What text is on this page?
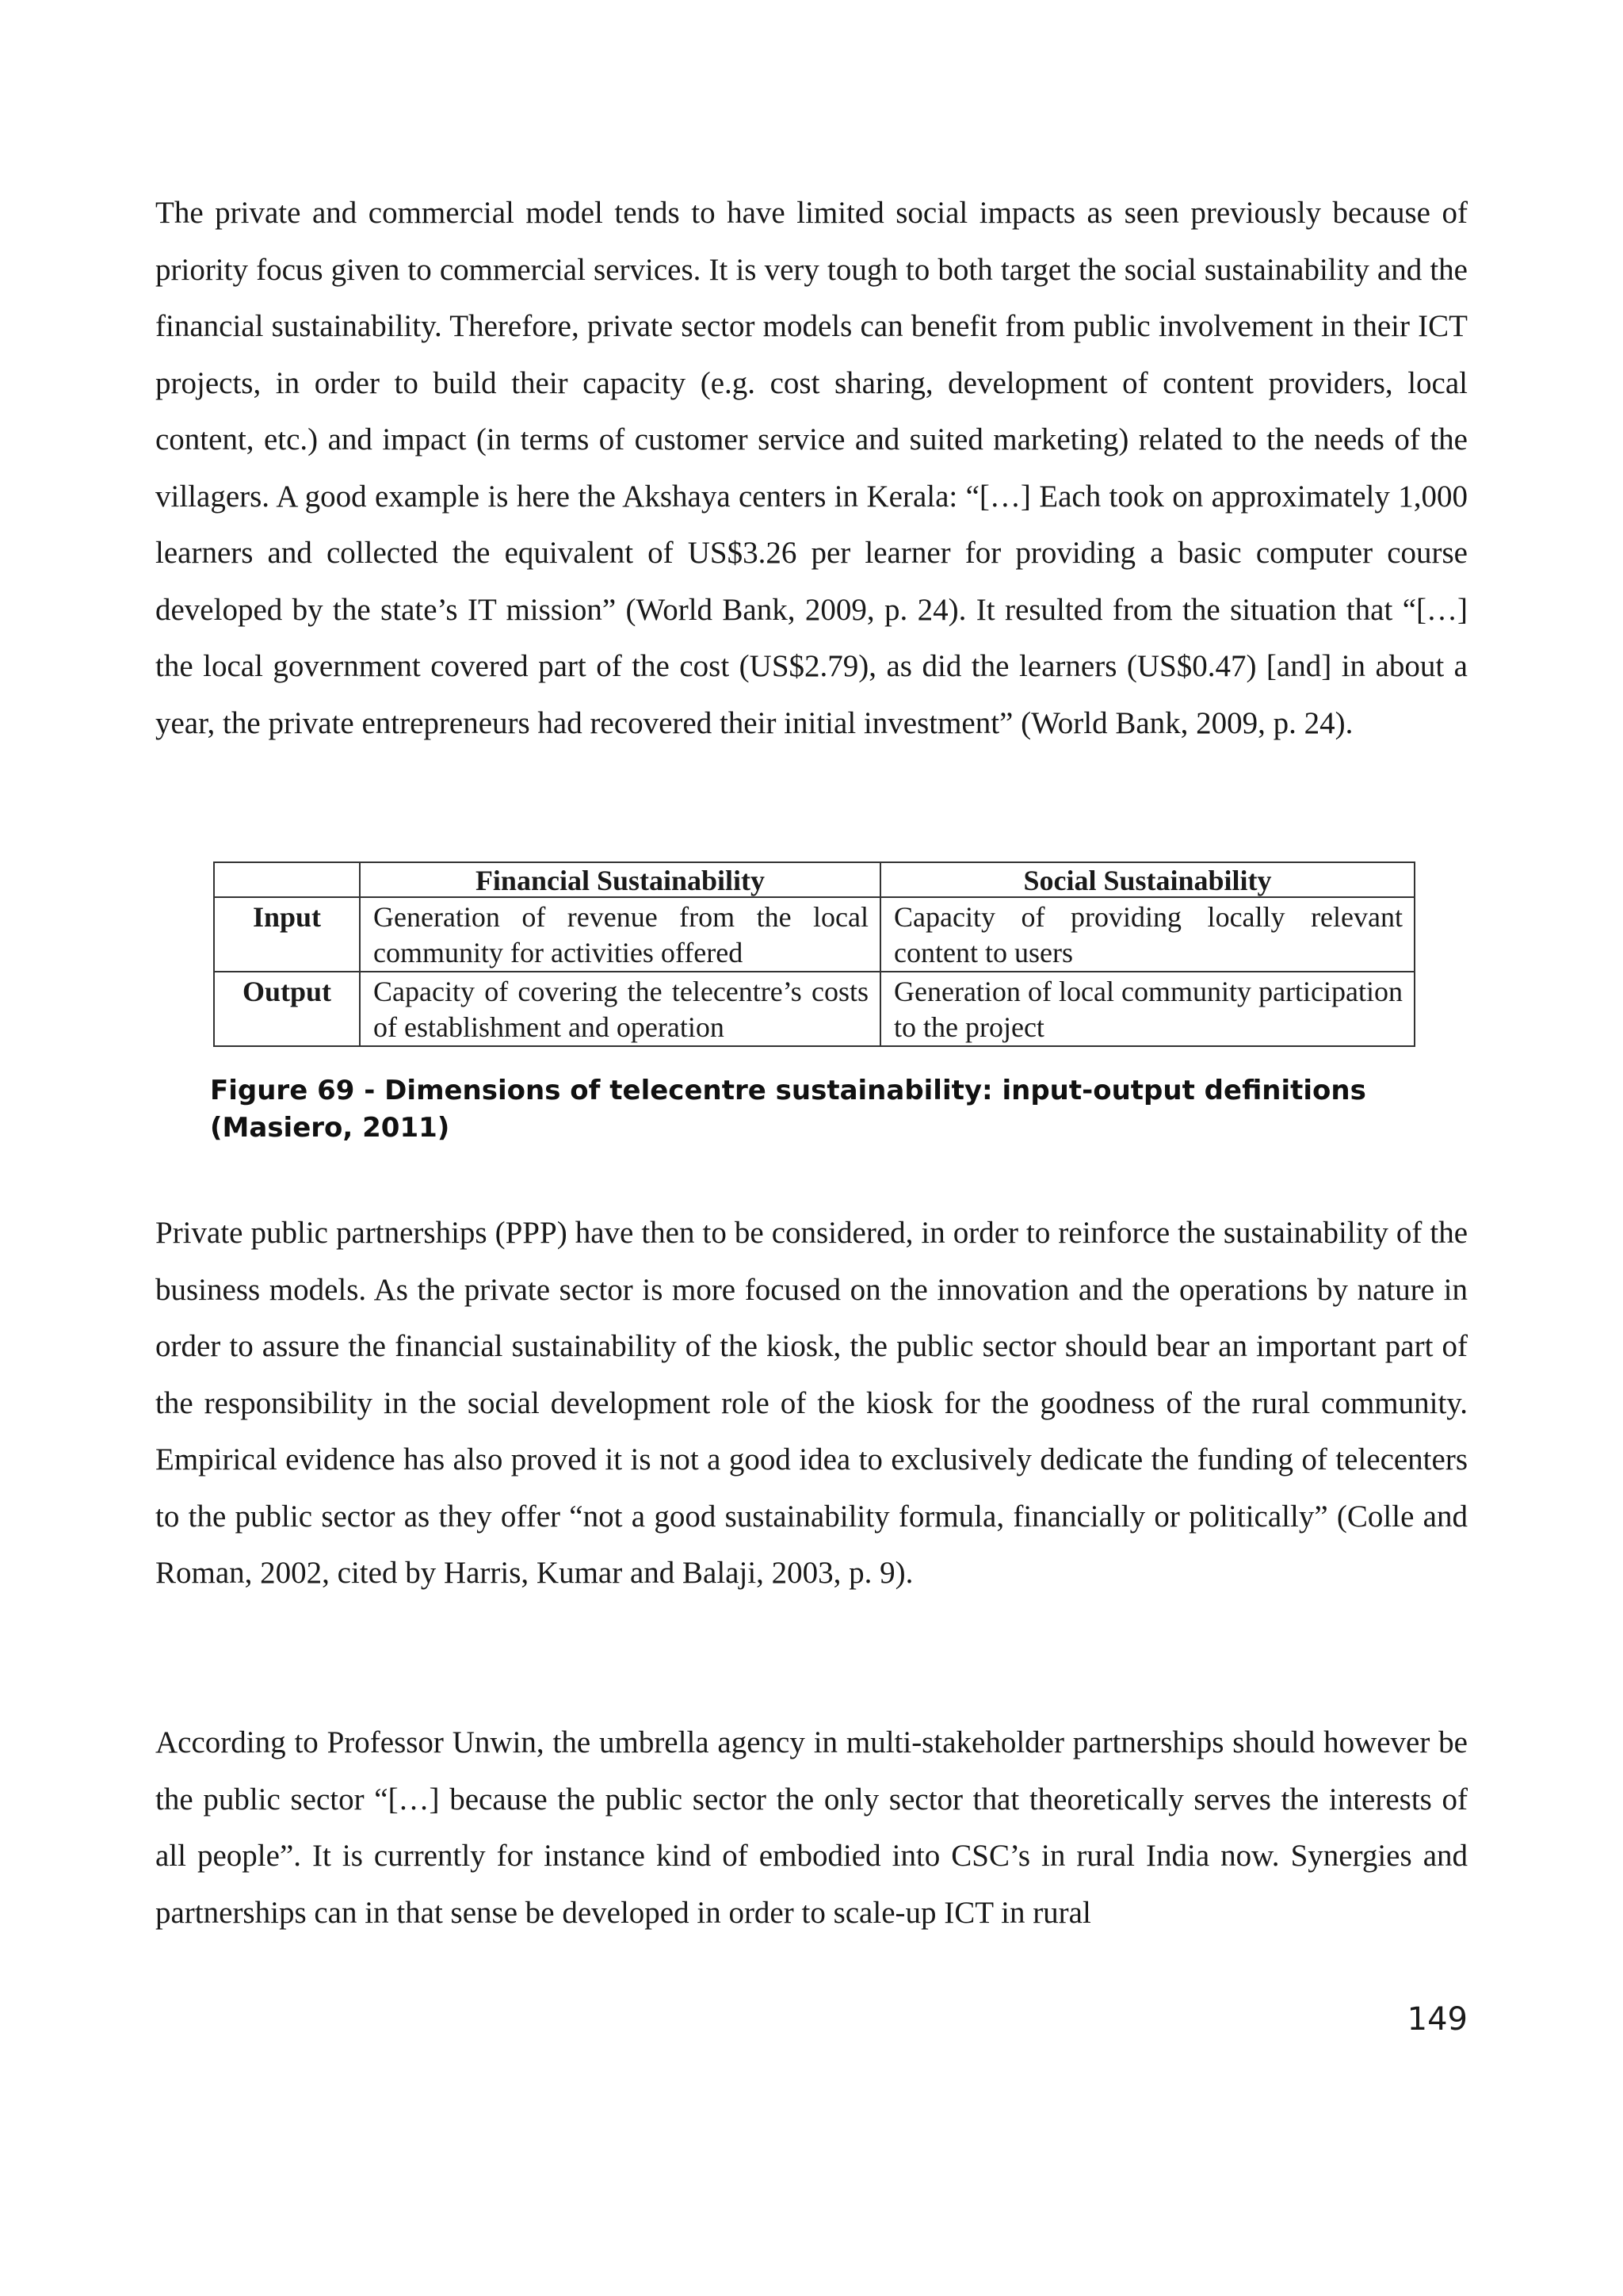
The private and commercial model tends to have limited social impacts as seen previously because of priority focus given to commercial services. It is very tough to both target the social sustainability and the financial sustainability. Therefore, private sector models can benefit from public involvement in their ICT projects, in order to build their capacity (e.g. cost sharing, development of content providers, local content, etc.) and impact (in terms of customer service and suited marketing) related to the needs of the villagers. A good example is here the Akshaya centers in Kerala: “[…] Each took on approximately 1,000 learners and collected the equivalent of US$3.26 per learner for providing a basic computer course developed by the state’s IT mission” (World Bank, 2009, p. 24). It resulted from the situation that “[…] the local government covered part of the cost (US$2.79), as did the learners (US$0.47) [and] in about a year, the private entrepreneurs had recovered their initial investment” (World Bank, 2009, p. 24).

	Financial Sustainability	Social Sustainability
Input	Generation of revenue from the local community for activities offered	Capacity of providing locally relevant content to users
Output	Capacity of covering the telecentre’s costs of establishment and operation	Generation of local community participation to the project

Figure 69 - Dimensions of telecentre sustainability: input-output definitions (Masiero, 2011)

Private public partnerships (PPP) have then to be considered, in order to reinforce the sustainability of the business models. As the private sector is more focused on the innovation and the operations by nature in order to assure the financial sustainability of the kiosk, the public sector should bear an important part of the responsibility in the social development role of the kiosk for the goodness of the rural community. Empirical evidence has also proved it is not a good idea to exclusively dedicate the funding of telecenters to the public sector as they offer “not a good sustainability formula, financially or politically” (Colle and Roman, 2002, cited by Harris, Kumar and Balaji, 2003, p. 9).

According to Professor Unwin, the umbrella agency in multi-stakeholder partnerships should however be the public sector “[…] because the public sector the only sector that theoretically serves the interests of all people”. It is currently for instance kind of embodied into CSC’s in rural India now. Synergies and partnerships can in that sense be developed in order to scale-up ICT in rural

149
